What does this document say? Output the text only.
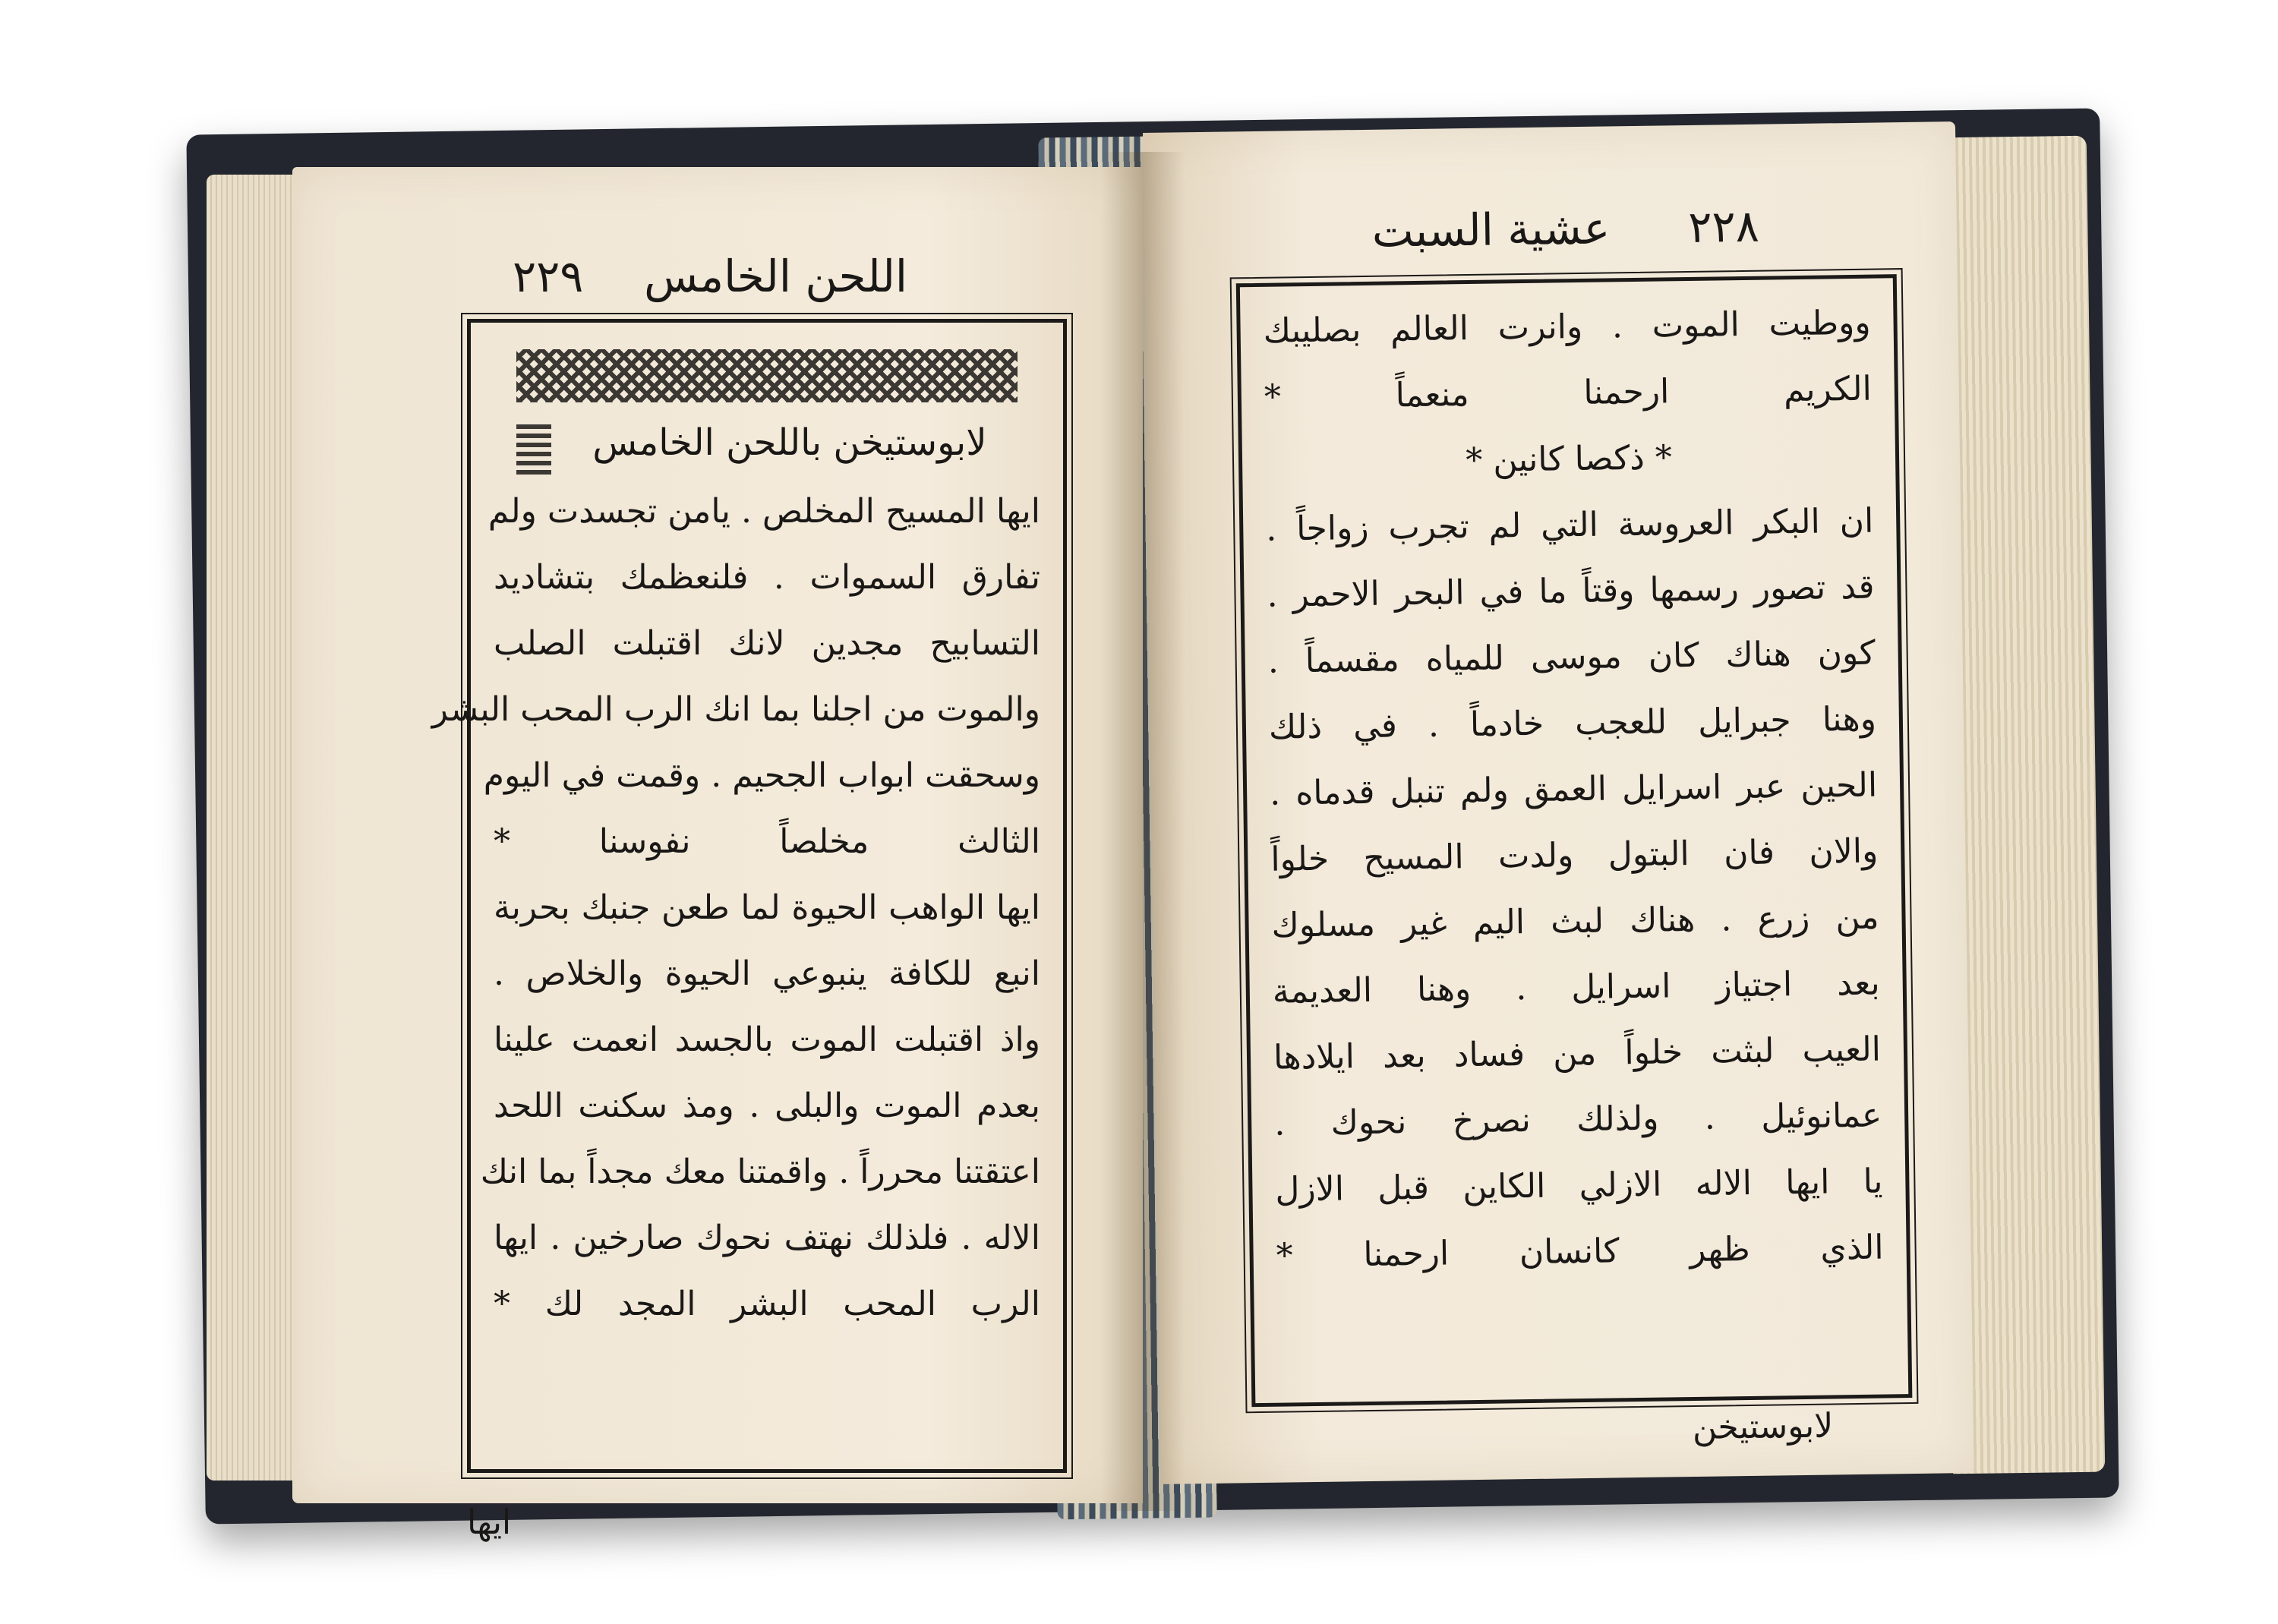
اللحن الخامس
٢٢٩
لابوستيخن باللحن الخامس
ايها المسيح المخلص . يامن تجسدت ولم
تفارق السموات . فلنعظمك بتشاديد
التسابيح مجدين لانك اقتبلت الصلب
والموت من اجلنا بما انك الرب المحب البشر
وسحقت ابواب الجحيم . وقمت في اليوم
الثالث مخلصاً نفوسنا *
ايها الواهب الحيوة لما طعن جنبك بحربة
انبع للكافة ينبوعي الحيوة والخلاص .
واذ اقتبلت الموت بالجسد انعمت علينا
بعدم الموت والبلى . ومذ سكنت اللحد
اعتقتنا محرراً . واقمتنا معك مجداً بما انك
الاله . فلذلك نهتف نحوك صارخين . ايها
الرب المحب البشر المجد لك *
ايها
٢٢٨
عشية السبت
ووطيت الموت . وانرت العالم بصليبك
الكريم ارحمنا منعماً *
* ذكصا كانين *
ان البكر العروسة التي لم تجرب زواجاً .
قد تصور رسمها وقتاً ما في البحر الاحمر .
كون هناك كان موسى للمياه مقسماً .
وهنا جبرايل للعجب خادماً . في ذلك
الحين عبر اسرايل العمق ولم تنبل قدماه .
والان فان البتول ولدت المسيح خلواً
من زرع . هناك لبث اليم غير مسلوك
بعد اجتياز اسرايل . وهنا العديمة
العيب لبثت خلواً من فساد بعد ايلادها
عمانوئيل . ولذلك نصرخ نحوك .
يا ايها الاله الازلي الكاين قبل الازل
الذي ظهر كانسان ارحمنا *
لابوستيخن
